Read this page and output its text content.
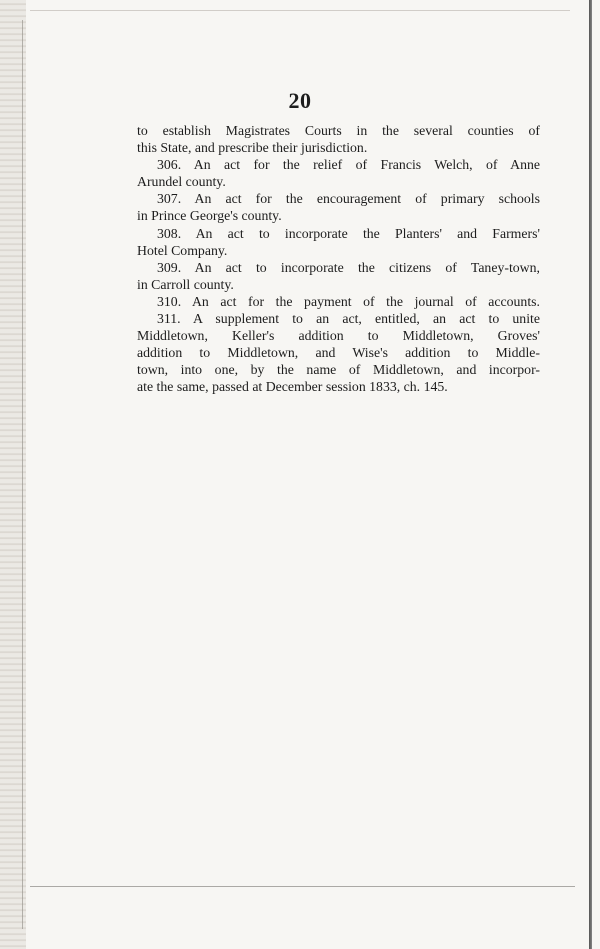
20

to establish Magistrates Courts in the several counties of

this State, and prescribe their jurisdiction.

306. An act for the relief of Francis Welch, of Anne

Arundel county.

307. An act for the encouragement of primary schools

in Prince George's county.

308. An act to incorporate the Planters' and Farmers'

Hotel Company.

309. An act to incorporate the citizens of Taney-town,

in Carroll county.

310. An act for the payment of the journal of accounts.

311. A supplement to an act, entitled, an act to unite

Middletown, Keller's addition to Middletown, Groves'

addition to Middletown, and Wise's addition to Middle-

town, into one, by the name of Middletown, and incorpor-

ate the same, passed at December session 1833, ch. 145.
